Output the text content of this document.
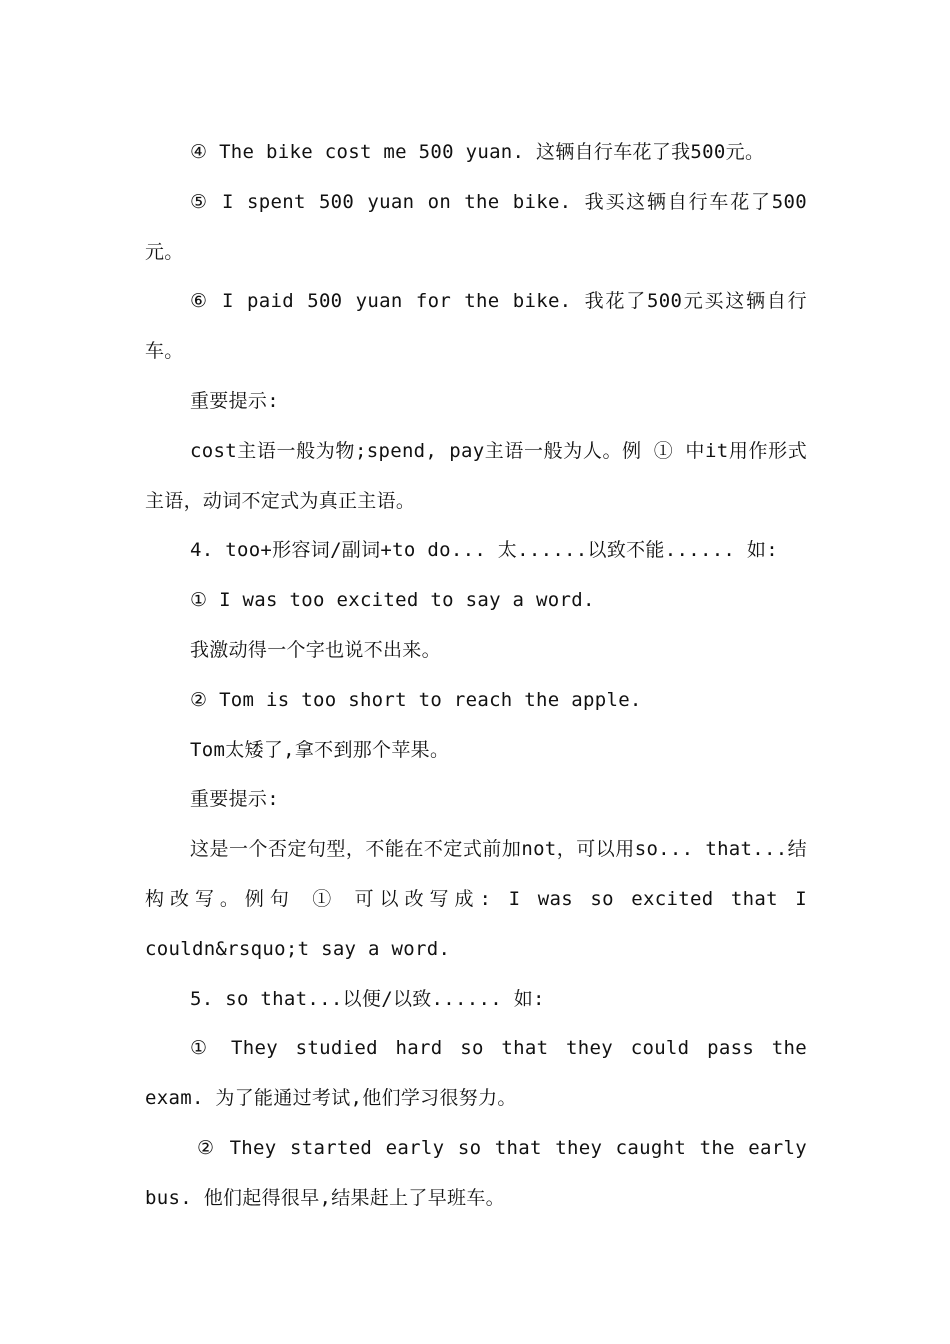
④ The bike cost me 500 yuan. 这辆自行车花了我500元。

⑤ I spent 500 yuan on the bike. 我买这辆自行车花了500元。

⑥ I paid 500 yuan for the bike. 我花了500元买这辆自行车。

重要提示:

cost主语一般为物;spend, pay主语一般为人。例 ① 中it用作形式主语，动词不定式为真正主语。

4. too+形容词/副词+to do... 太......以致不能...... 如:

① I was too excited to say a word.

我激动得一个字也说不出来。

② Tom is too short to reach the apple.

Tom太矮了,拿不到那个苹果。

重要提示:

这是一个否定句型，不能在不定式前加not，可以用so... that...结构改写。例句 ① 可以改写成: I was so excited that I couldn&rsquo;t say a word.

5. so that...以便/以致...... 如:

① They studied hard so that they could pass the exam. 为了能通过考试,他们学习很努力。

② They started early so that they caught the early bus. 他们起得很早,结果赶上了早班车。
